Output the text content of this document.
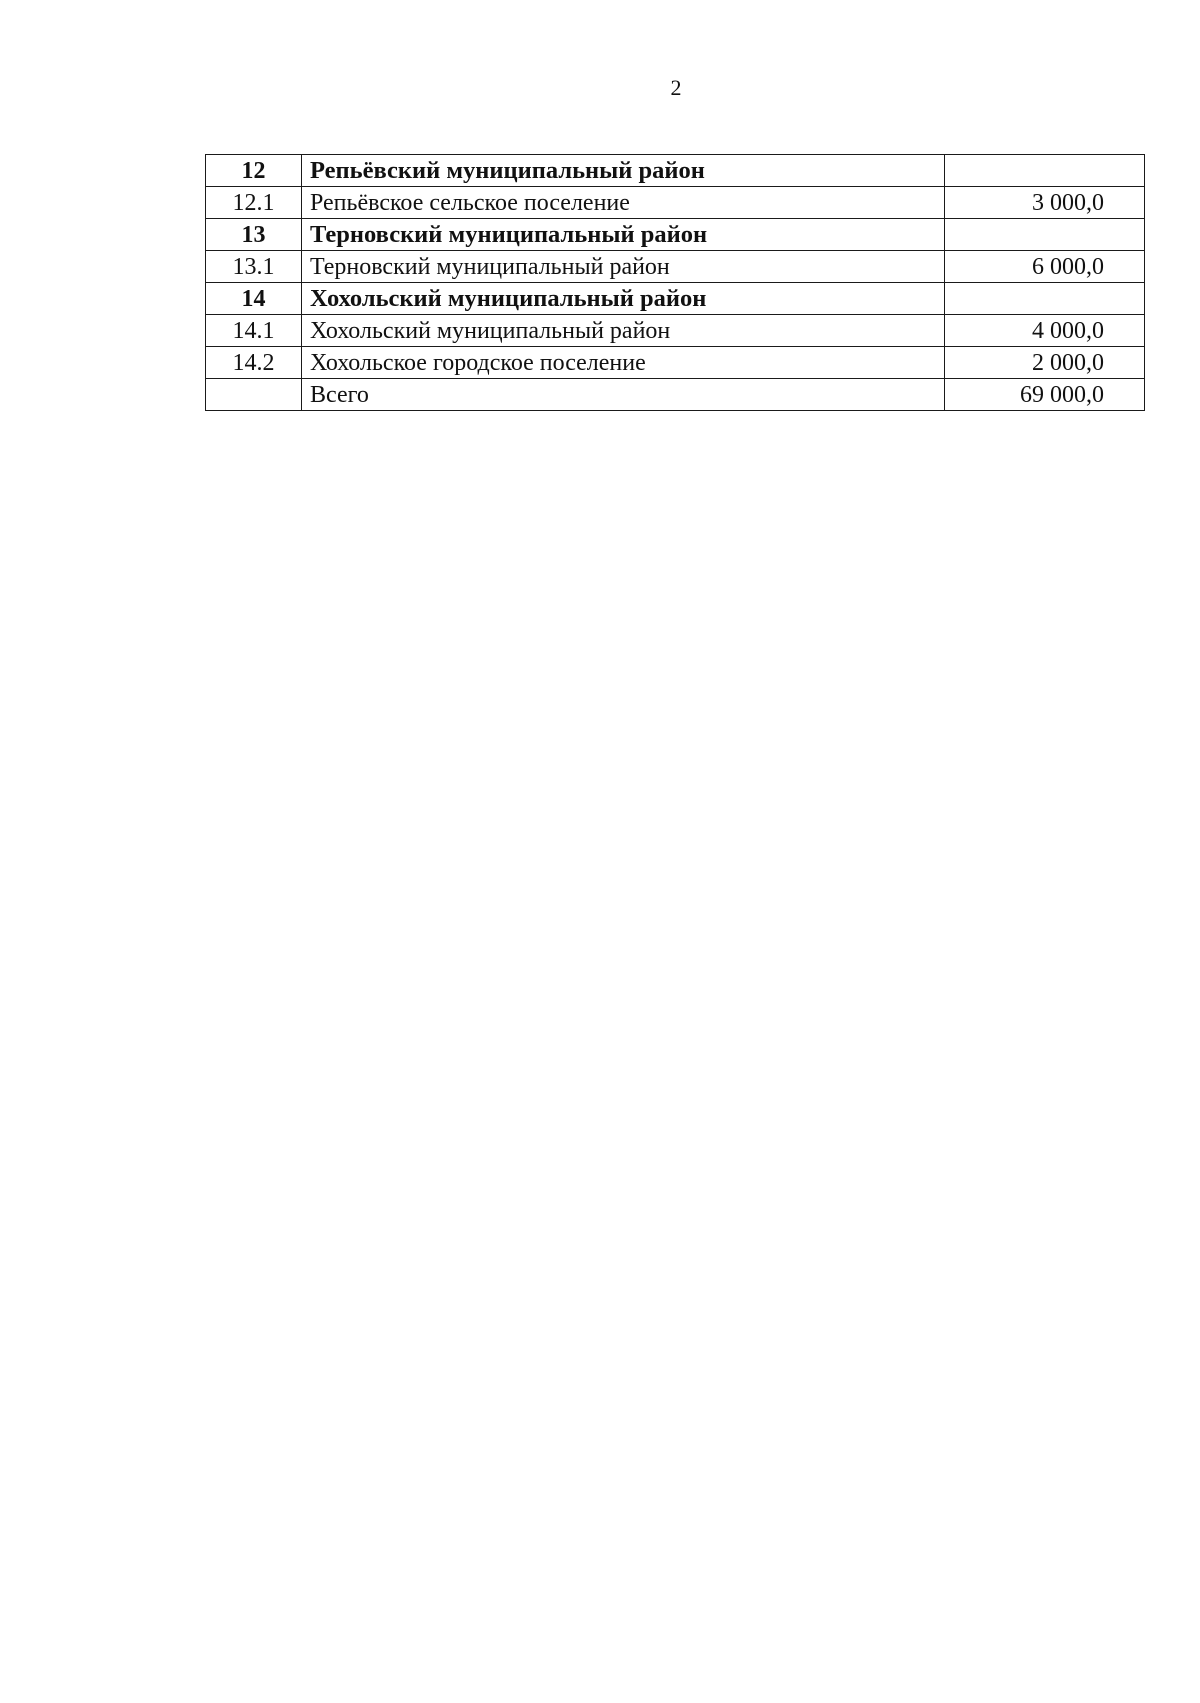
2
12	Репьёвский муниципальный район	
12.1	Репьёвское сельское поселение	3 000,0
13	Терновский муниципальный район	
13.1	Терновский муниципальный район	6 000,0
14	Хохольский муниципальный район	
14.1	Хохольский муниципальный район	4 000,0
14.2	Хохольское городское поселение	2 000,0
	Всего	69 000,0
